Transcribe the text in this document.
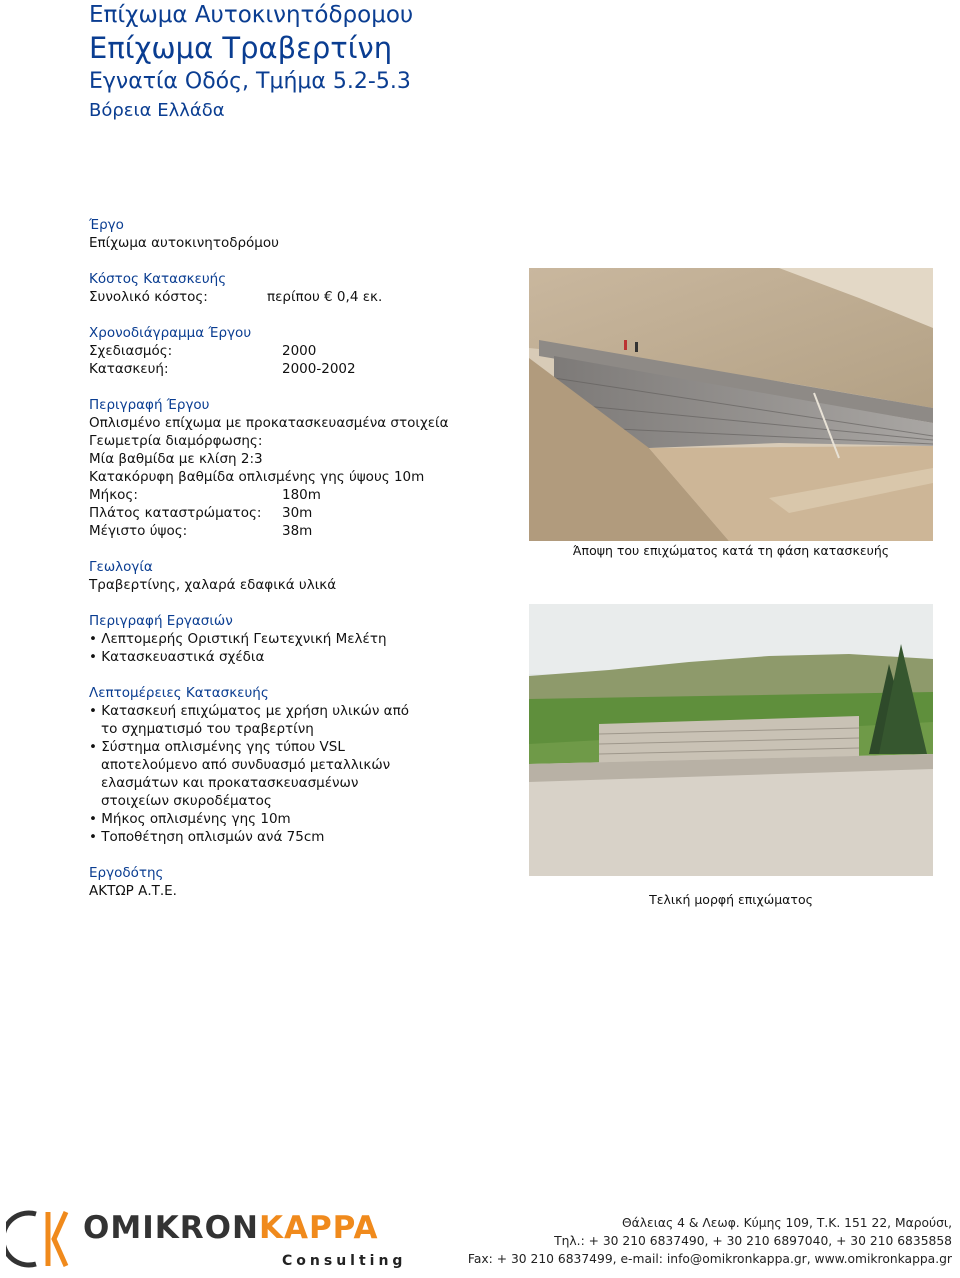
Επίχωμα Αυτοκινητόδρομου
Επίχωμα Τραβερτίνη
Εγνατία Οδός, Τμήμα 5.2-5.3
Βόρεια Ελλάδα
Έργο
Επίχωμα αυτοκινητοδρόμου
Κόστος Κατασκευής
Συνολικό κόστος:	περίπου € 0,4 εκ.
Χρονοδιάγραμμα Έργου
Σχεδιασμός:	2000
Κατασκευή:	2000-2002
Περιγραφή Έργου
Οπλισμένο επίχωμα με προκατασκευασμένα στοιχεία
Γεωμετρία διαμόρφωσης:
Μία βαθμίδα με κλίση 2:3
Κατακόρυφη βαθμίδα οπλισμένης γης ύψους 10m
Μήκος:	180m
Πλάτος καταστρώματος:	30m
Μέγιστο ύψος:	38m
Γεωλογία
Τραβερτίνης, χαλαρά εδαφικά υλικά
Περιγραφή Εργασιών
• Λεπτομερής Οριστική Γεωτεχνική Μελέτη
• Κατασκευαστικά σχέδια
Λεπτομέρειες Κατασκευής
• Κατασκευή επιχώματος με χρήση υλικών από το σχηματισμό του τραβερτίνη
• Σύστημα οπλισμένης γης τύπου VSL αποτελούμενο από συνδυασμό μεταλλικών ελασμάτων και προκατασκευασμένων στοιχείων σκυροδέματος
• Μήκος οπλισμένης γης 10m
• Τοποθέτηση οπλισμών ανά 75cm
Εργοδότης
ΑΚΤΩΡ Α.Τ.Ε.
Άποψη του επιχώματος κατά τη φάση κατασκευής
Τελική μορφή επιχώματος
OMIKRONKAPPA
Consulting
Θάλειας 4 & Λεωφ. Κύμης 109, Τ.Κ. 151 22, Μαρούσι,
Τηλ.: + 30 210 6837490, + 30 210 6897040, + 30 210 6835858
Fax: + 30 210 6837499, e-mail: info@omikronkappa.gr, www.omikronkappa.gr
